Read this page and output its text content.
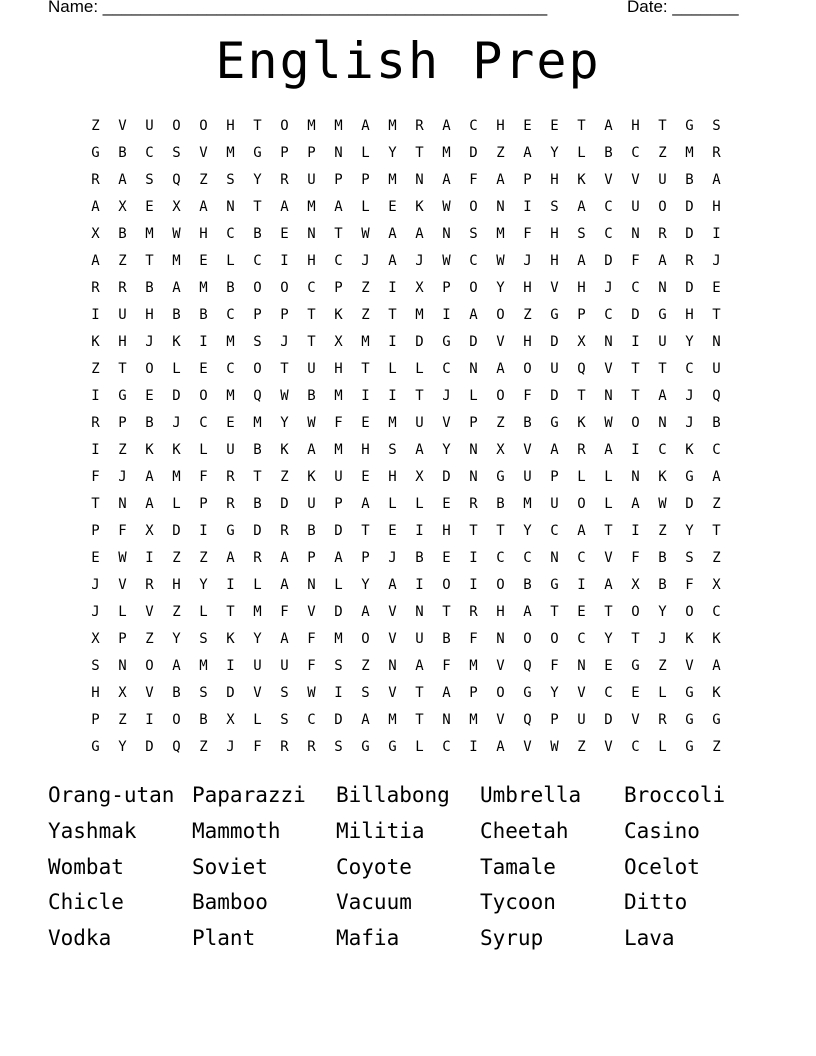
Name: _______________________________________________	Date: _______
English Prep
Z V U O O H T O M M A M R A C H E E T A H T G S
G B C S V M G P P N L Y T M D Z A Y L B C Z M R
R A S Q Z S Y R U P P M N A F A P H K V V U B A
A X E X A N T A M A L E K W O N I S A C U O D H
X B M W H C B E N T W A A N S M F H S C N R D I
A Z T M E L C I H C J A J W C W J H A D F A R J
R R B A M B O O C P Z I X P O Y H V H J C N D E
I U H B B C P P T K Z T M I A O Z G P C D G H T
K H J K I M S J T X M I D G D V H D X N I U Y N
Z T O L E C O T U H T L L C N A O U Q V T T C U
I G E D O M Q W B M I I T J L O F D T N T A J Q
R P B J C E M Y W F E M U V P Z B G K W O N J B
I Z K K L U B K A M H S A Y N X V A R A I C K C
F J A M F R T Z K U E H X D N G U P L L N K G A
T N A L P R B D U P A L L E R B M U O L A W D Z
P F X D I G D R B D T E I H T T Y C A T I Z Y T
E W I Z Z A R A P A P J B E I C C N C V F B S Z
J V R H Y I L A N L Y A I O I O B G I A X B F X
J L V Z L T M F V D A V N T R H A T E T O Y O C
X P Z Y S K Y A F M O V U B F N O O C Y T J K K
S N O A M I U U F S Z N A F M V Q F N E G Z V A
H X V B S D V S W I S V T A P O G Y V C E L G K
P Z I O B X L S C D A M T N M V Q P U D V R G G
G Y D Q Z J F R R S G G L C I A V W Z V C L G Z
Orang-utan Paparazzi Billabong Umbrella Broccoli
Yashmak	Mammoth	Militia	Cheetah	Casino
Wombat	Soviet	Coyote	Tamale	Ocelot
Chicle	Bamboo	Vacuum	Tycoon	Ditto
Vodka	Plant	Mafia	Syrup	Lava
